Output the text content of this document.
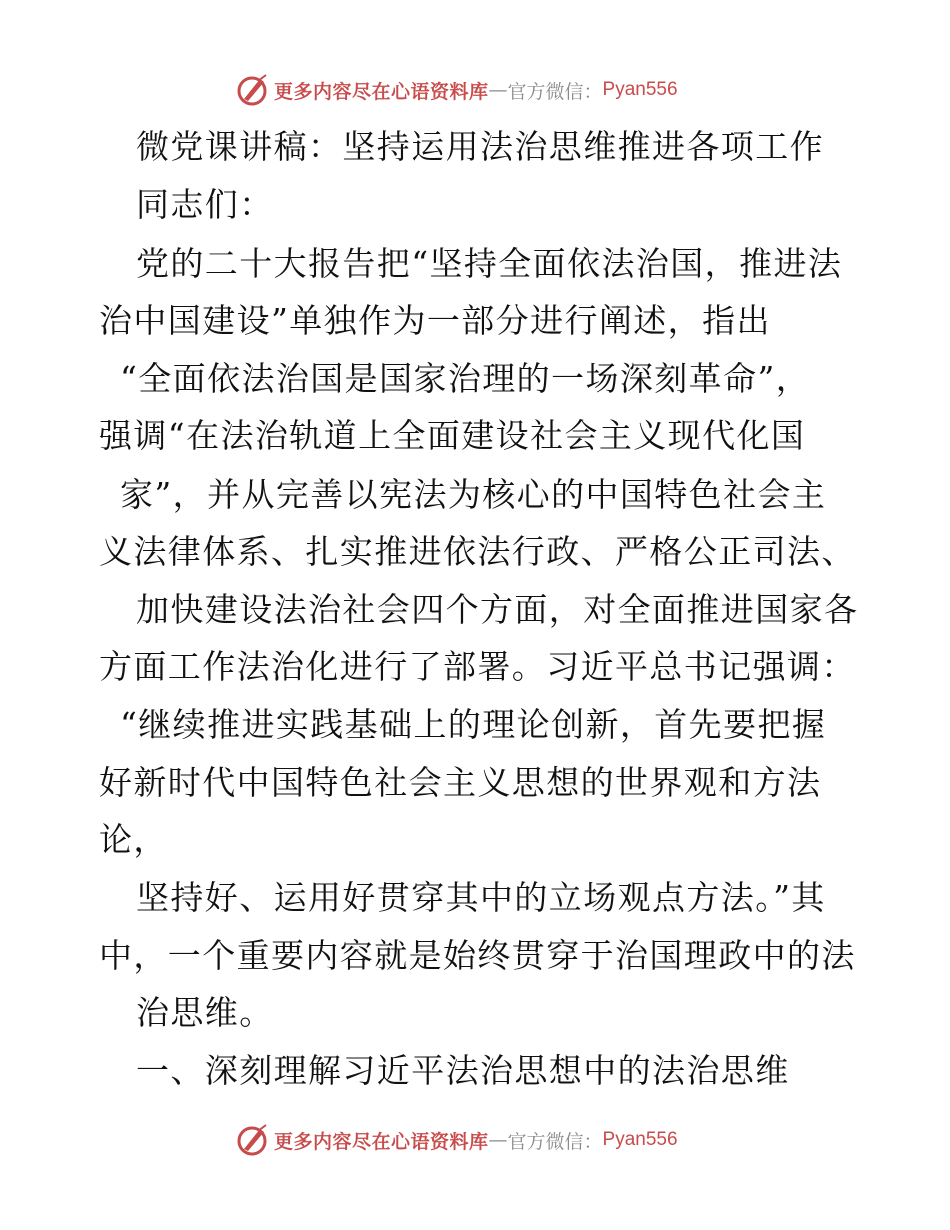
更多内容尽在心语资料库 — 官方微信： Pyan556
微党课讲稿：坚持运用法治思维推进各项工作
同志们：
党的二十大报告把“坚持全面依法治国，推进法
治中国建设”单独作为一部分进行阐述，指出
“全面依法治国是国家治理的一场深刻革命”，
强调“在法治轨道上全面建设社会主义现代化国
家”，并从完善以宪法为核心的中国特色社会主
义法律体系、扎实推进依法行政、严格公正司法、
加快建设法治社会四个方面，对全面推进国家各
方面工作法治化进行了部署。习近平总书记强调：
“继续推进实践基础上的理论创新，首先要把握
好新时代中国特色社会主义思想的世界观和方法
论，
坚持好、运用好贯穿其中的立场观点方法。”其
中，一个重要内容就是始终贯穿于治国理政中的法
治思维。
一、深刻理解习近平法治思想中的法治思维
更多内容尽在心语资料库 — 官方微信： Pyan556
